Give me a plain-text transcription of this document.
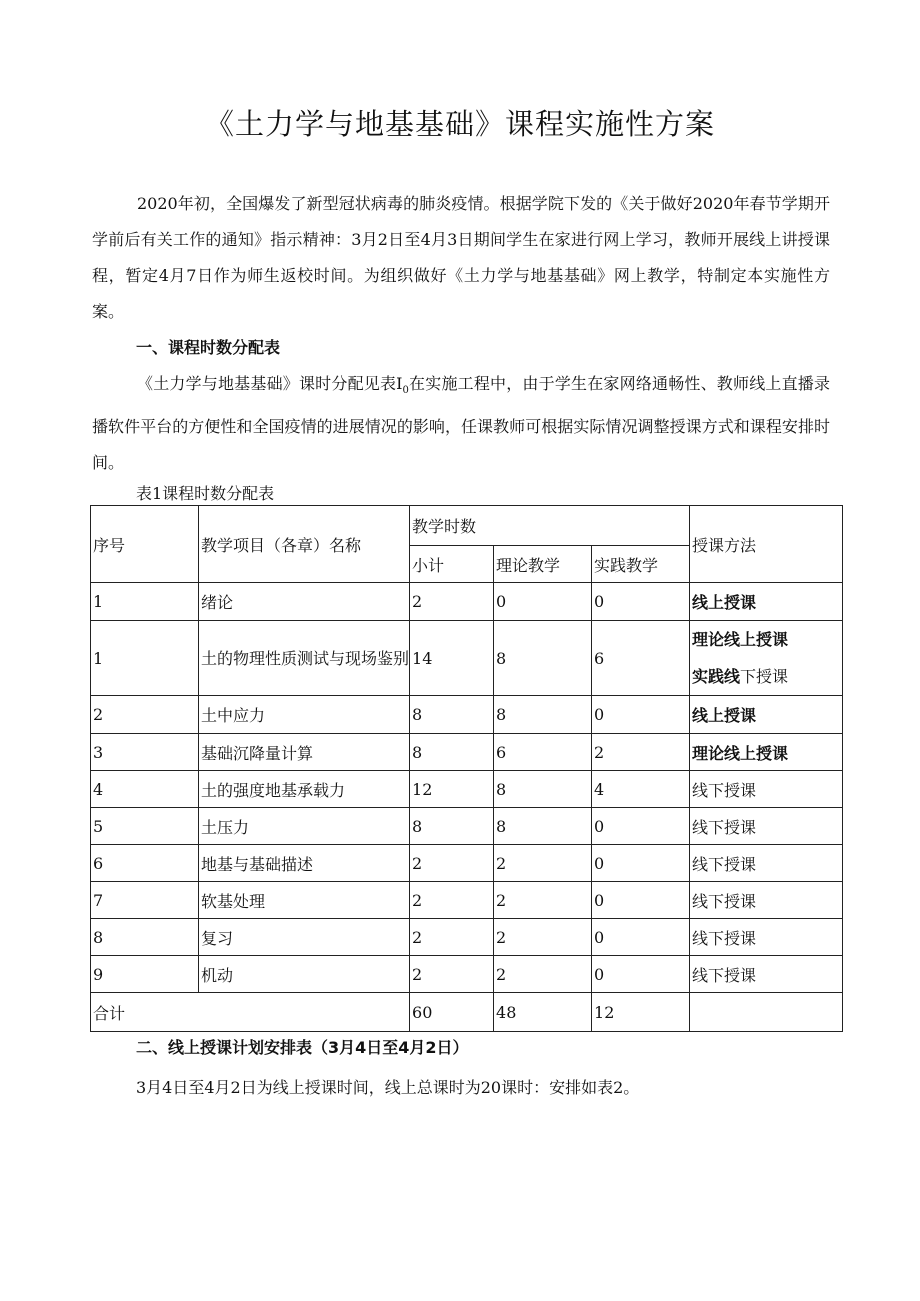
《土力学与地基基础》课程实施性方案
2020年初，全国爆发了新型冠状病毒的肺炎疫情。根据学院下发的《关于做好2020年春节学期开学前后有关工作的通知》指示精神：3月2日至4月3日期间学生在家进行网上学习，教师开展线上讲授课程，暂定4月7日作为师生返校时间。为组织做好《土力学与地基基础》网上教学，特制定本实施性方案。
一、课程时数分配表
《土力学与地基基础》课时分配见表$I_0$在实施工程中，由于学生在家网络通畅性、教师线上直播录播软件平台的方便性和全国疫情的进展情况的影响，任课教师可根据实际情况调整授课方式和课程安排时间。
表1课程时数分配表
序号	教学项目（各章）名称	教学时数			授课方法
		小计	理论教学	实践教学	
1	绪论	2	0	0	线上授课
1	土的物理性质测试与现场鉴别	14	8	6	理论线上授课
实践线下授课

2	土中应力	8	8	0	线上授课
3	基础沉降量计算	8	6	2	理论线上授课
4	土的强度地基承载力	12	8	4	线下授课
5	土压力	8	8	0	线下授课
6	地基与基础描述	2	2	0	线下授课
7	软基处理	2	2	0	线下授课
8	复习	2	2	0	线下授课
9	机动	2	2	0	线下授课
合计		60	48	12	
二、线上授课计划安排表（3月4日至4月2日）
3月4日至4月2日为线上授课时间，线上总课时为20课时：安排如表2。
